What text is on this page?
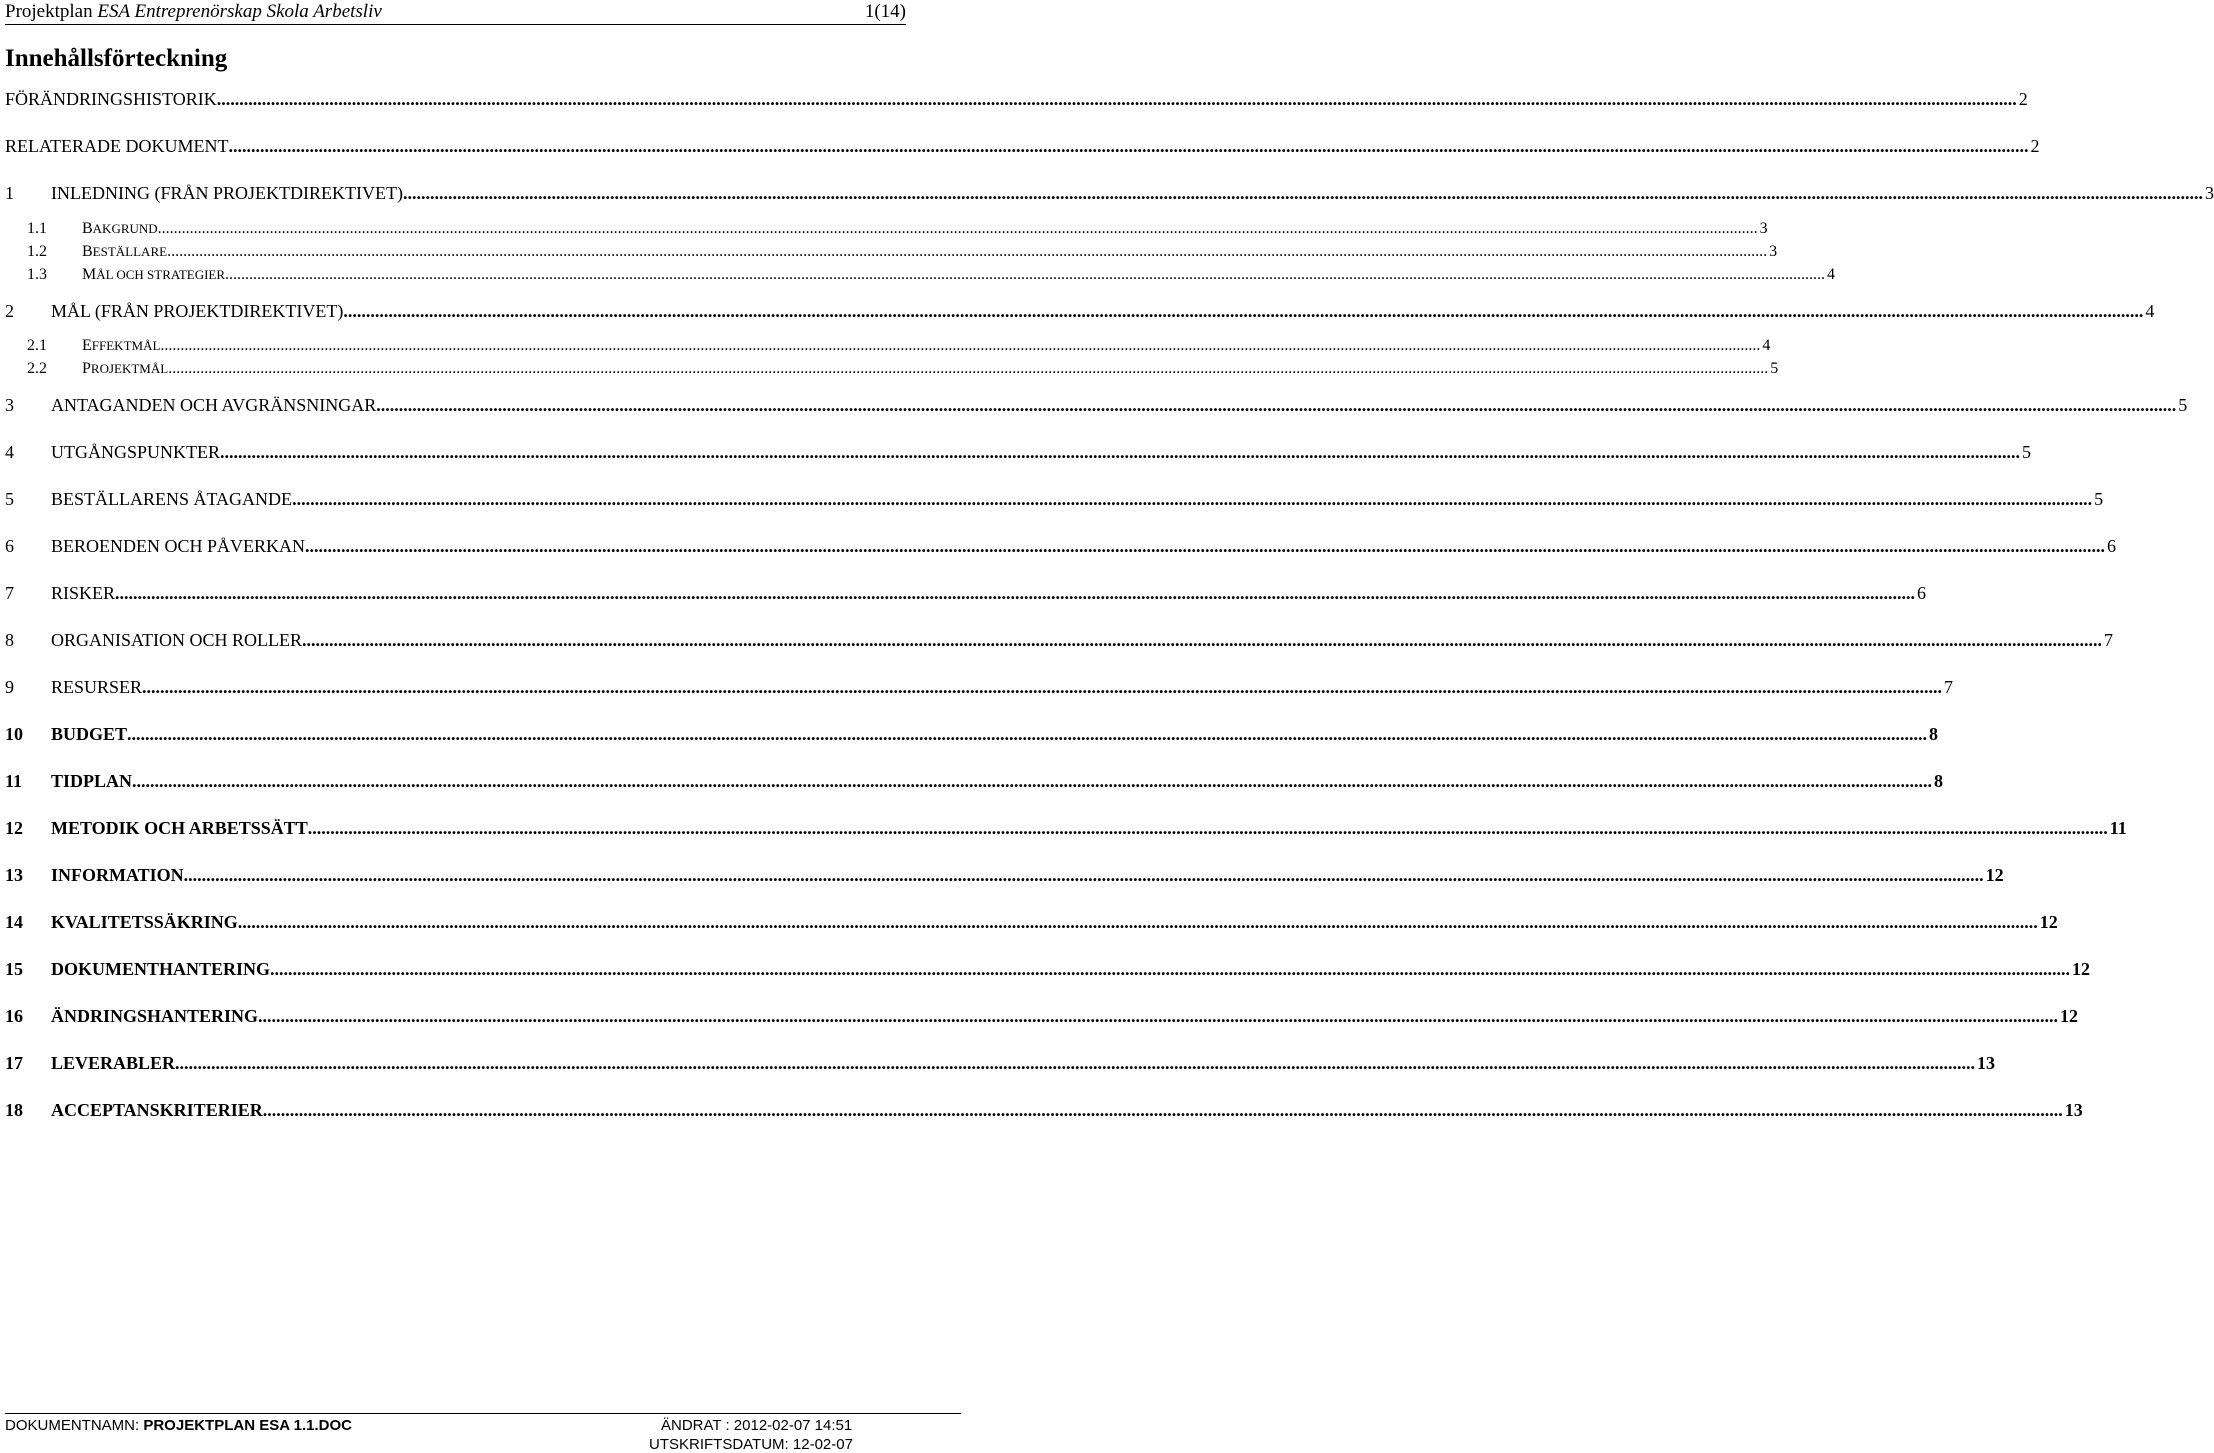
Projektplan ESA Entreprenörskap Skola Arbetsliv	1(14)
Innehållsförteckning
FÖRÄNDRINGSHISTORIK ................................................................................................................................................................................................................................................................................................................................................................................................................ 2
RELATERADE DOKUMENT ................................................................................................................................................................................................................................................................................................................................................................................................................ 2
1	INLEDNING (FRÅN PROJEKTDIREKTIVET) ................................................................................................................................................................................................................................................................................................................................................................................................................ 3
1.1	BAKGRUND ................................................................................................................................................................................................................................................................................................................................................................................................................ 3
1.2	BESTÄLLARE ................................................................................................................................................................................................................................................................................................................................................................................................................ 3
1.3	MÅL OCH STRATEGIER ................................................................................................................................................................................................................................................................................................................................................................................................................ 4
2	MÅL (FRÅN PROJEKTDIREKTIVET) ................................................................................................................................................................................................................................................................................................................................................................................................................ 4
2.1	EFFEKTMÅL ................................................................................................................................................................................................................................................................................................................................................................................................................ 4
2.2	PROJEKTMÅL ................................................................................................................................................................................................................................................................................................................................................................................................................ 5
3	ANTAGANDEN OCH AVGRÄNSNINGAR ................................................................................................................................................................................................................................................................................................................................................................................................................ 5
4	UTGÅNGSPUNKTER ................................................................................................................................................................................................................................................................................................................................................................................................................ 5
5	BESTÄLLARENS ÅTAGANDE ................................................................................................................................................................................................................................................................................................................................................................................................................ 5
6	BEROENDEN OCH PÅVERKAN ................................................................................................................................................................................................................................................................................................................................................................................................................ 6
7	RISKER ................................................................................................................................................................................................................................................................................................................................................................................................................ 6
8	ORGANISATION OCH ROLLER ................................................................................................................................................................................................................................................................................................................................................................................................................ 7
9	RESURSER ................................................................................................................................................................................................................................................................................................................................................................................................................ 7
10	BUDGET ................................................................................................................................................................................................................................................................................................................................................................................................................ 8
11	TIDPLAN ................................................................................................................................................................................................................................................................................................................................................................................................................ 8
12	METODIK OCH ARBETSSÄTT ................................................................................................................................................................................................................................................................................................................................................................................................................ 11
13	INFORMATION ................................................................................................................................................................................................................................................................................................................................................................................................................ 12
14	KVALITETSSÄKRING ................................................................................................................................................................................................................................................................................................................................................................................................................ 12
15	DOKUMENTHANTERING ................................................................................................................................................................................................................................................................................................................................................................................................................ 12
16	ÄNDRINGSHANTERING ................................................................................................................................................................................................................................................................................................................................................................................................................ 12
17	LEVERABLER ................................................................................................................................................................................................................................................................................................................................................................................................................ 13
18	ACCEPTANSKRITERIER ................................................................................................................................................................................................................................................................................................................................................................................................................ 13
DOKUMENTNAMN: PROJEKTPLAN ESA 1.1.DOC	ÄNDRAT : 2012-02-07 14:51
UTSKRIFTSDATUM: 12-02-07
